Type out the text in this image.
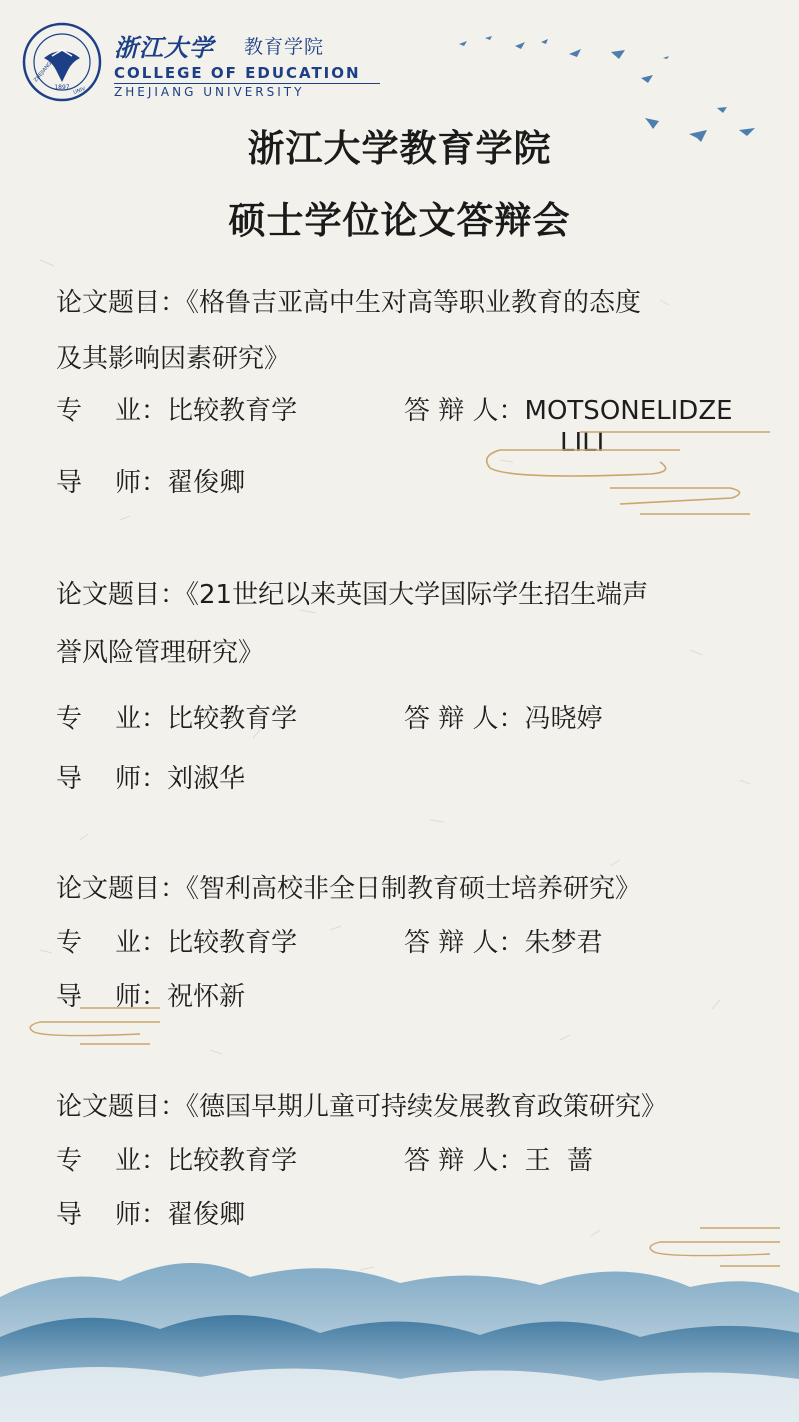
1897
ZHEJIANG
UNIV
浙江大学 教育学院
COLLEGE OF EDUCATION
ZHEJIANG UNIVERSITY
浙江大学教育学院
硕士学位论文答辩会
论文题目：《格鲁吉亚高中生对高等职业教育的态度
及其影响因素研究》
专    业：比较教育学	答 辩 人：MOTSONELIDZE
LILI
导    师：翟俊卿
论文题目：《21世纪以来英国大学国际学生招生端声
誉风险管理研究》
专    业：比较教育学	答 辩 人：冯晓婷
导    师：刘淑华
论文题目：《智利高校非全日制教育硕士培养研究》
专    业：比较教育学	答 辩 人：朱梦君
导    师：祝怀新
论文题目：《德国早期儿童可持续发展教育政策研究》
专    业：比较教育学	答 辩 人：王  蔷
导    师：翟俊卿
